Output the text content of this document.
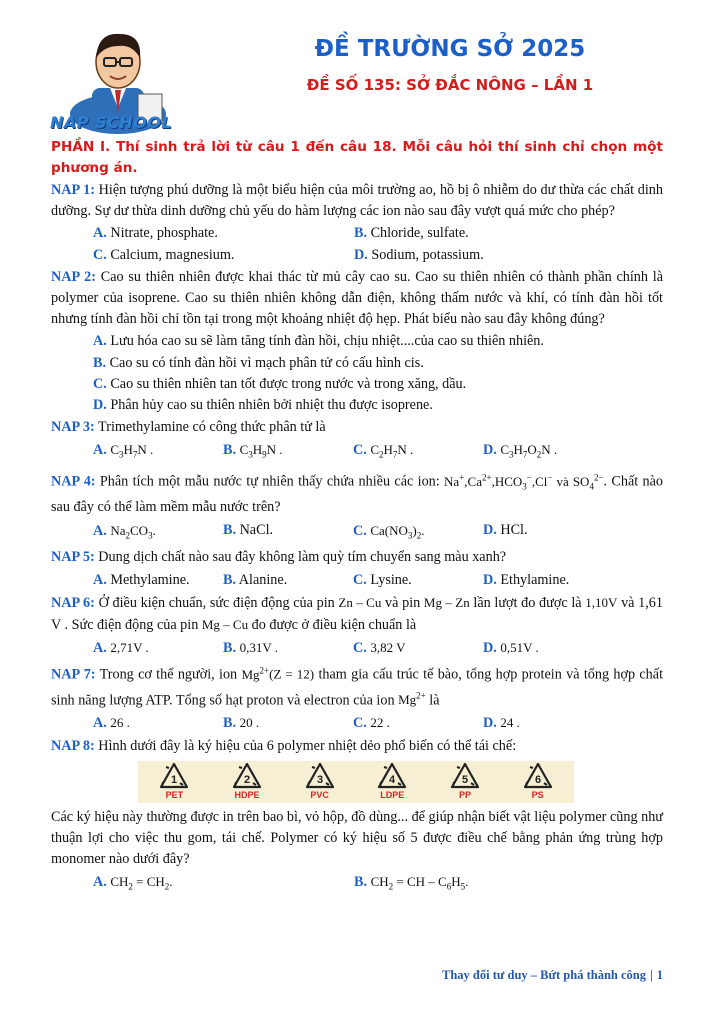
NAP SCHOOL
ĐỀ TRƯỜNG SỞ 2025
ĐỀ SỐ 135: SỞ ĐẮC NÔNG – LẦN 1
PHẦN I. Thí sinh trả lời từ câu 1 đến câu 18. Mỗi câu hỏi thí sinh chỉ chọn một phương án.
NAP 1: Hiện tượng phú dưỡng là một biểu hiện của môi trường ao, hồ bị ô nhiễm do dư thừa các chất dinh dưỡng. Sự dư thừa dinh dưỡng chủ yếu do hàm lượng các ion nào sau đây vượt quá mức cho phép?
A. Nitrate, phosphate.	B. Chloride, sulfate.
C. Calcium, magnesium.	D. Sodium, potassium.
NAP 2: Cao su thiên nhiên được khai thác từ mủ cây cao su. Cao su thiên nhiên có thành phần chính là polymer của isoprene. Cao su thiên nhiên không dẫn điện, không thấm nước và khí, có tính đàn hồi tốt nhưng tính đàn hồi chỉ tồn tại trong một khoảng nhiệt độ hẹp. Phát biểu nào sau đây không đúng?
A. Lưu hóa cao su sẽ làm tăng tính đàn hồi, chịu nhiệt....của cao su thiên nhiên.
B. Cao su có tính đàn hồi vì mạch phân tử có cấu hình cis.
C. Cao su thiên nhiên tan tốt được trong nước và trong xăng, dầu.
D. Phân hủy cao su thiên nhiên bởi nhiệt thu được isoprene.
NAP 3: Trimethylamine có công thức phân tử là
A. $C_3H_7N$ .	B. $C_3H_9N$ .	C. $C_2H_7N$ .	D. $C_3H_7O_2N$ .
NAP 4: Phân tích một mẫu nước tự nhiên thấy chứa nhiều các ion: $Na^+,Ca^{2+},HCO_3^-,Cl^-$ và $SO_4^{2-}$. Chất nào sau đây có thể làm mềm mẫu nước trên?
A. $Na_2CO_3$.	B. NaCl.	C. $Ca(NO_3)_2$.	D. HCl.
NAP 5: Dung dịch chất nào sau đây không làm quỳ tím chuyển sang màu xanh?
A. Methylamine.	B. Alanine.	C. Lysine.	D. Ethylamine.
NAP 6: Ở điều kiện chuẩn, sức điện động của pin Zn – Cu và pin Mg – Zn lần lượt đo được là 1,10V và 1,61 V . Sức điện động của pin Mg – Cu đo được ở điều kiện chuẩn là
A. 2,71V .	B. 0,31V .	C. 3,82 V	D. 0,51V .
NAP 7: Trong cơ thể người, ion $Mg^{2+}(Z = 12)$ tham gia cấu trúc tế bào, tổng hợp protein và tổng hợp chất sinh năng lượng ATP. Tổng số hạt proton và electron của ion $Mg^{2+}$ là
A. 26 .	B. 20 .	C. 22 .	D. 24 .
NAP 8: Hình dưới đây là ký hiệu của 6 polymer nhiệt dẻo phổ biến có thể tái chế:
1
PET
2
HDPE
3
PVC
4
LDPE
5
PP
6
PS
Các ký hiệu này thường được in trên bao bì, vỏ hộp, đồ dùng... để giúp nhận biết vật liệu polymer cũng như thuận lợi cho việc thu gom, tái chế. Polymer có ký hiệu số 5 được điều chế bằng phản ứng trùng hợp monomer nào dưới đây?
A. $CH_2 = CH_2$.	B. $CH_2$ = CH – $C_6H_5$.
Thay đổi tư duy – Bứt phá thành công | 1
